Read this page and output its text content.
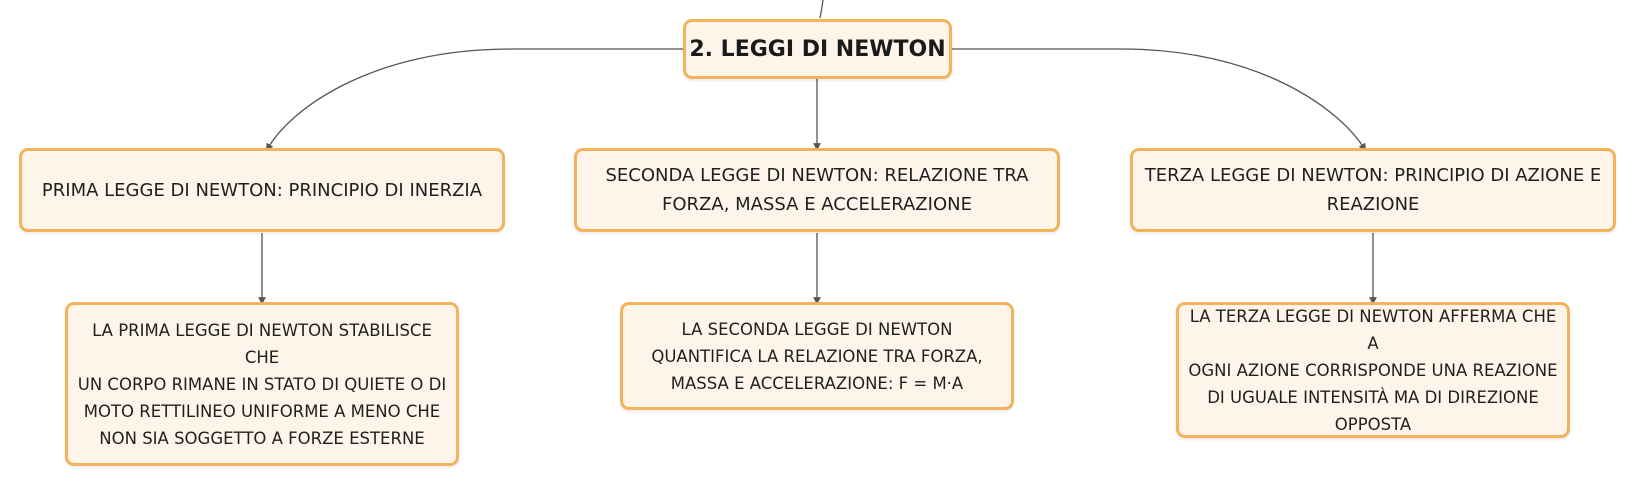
2. LEGGI DI NEWTON
PRIMA LEGGE DI NEWTON: PRINCIPIO DI INERZIA
SECONDA LEGGE DI NEWTON: RELAZIONE TRA
FORZA, MASSA E ACCELERAZIONE
TERZA LEGGE DI NEWTON: PRINCIPIO DI AZIONE E
REAZIONE
LA PRIMA LEGGE DI NEWTON STABILISCE CHE
UN CORPO RIMANE IN STATO DI QUIETE O DI
MOTO RETTILINEO UNIFORME A MENO CHE
NON SIA SOGGETTO A FORZE ESTERNE
LA SECONDA LEGGE DI NEWTON
QUANTIFICA LA RELAZIONE TRA FORZA,
MASSA E ACCELERAZIONE: F = M·A
LA TERZA LEGGE DI NEWTON AFFERMA CHE A
OGNI AZIONE CORRISPONDE UNA REAZIONE
DI UGUALE INTENSITÀ MA DI DIREZIONE
OPPOSTA
